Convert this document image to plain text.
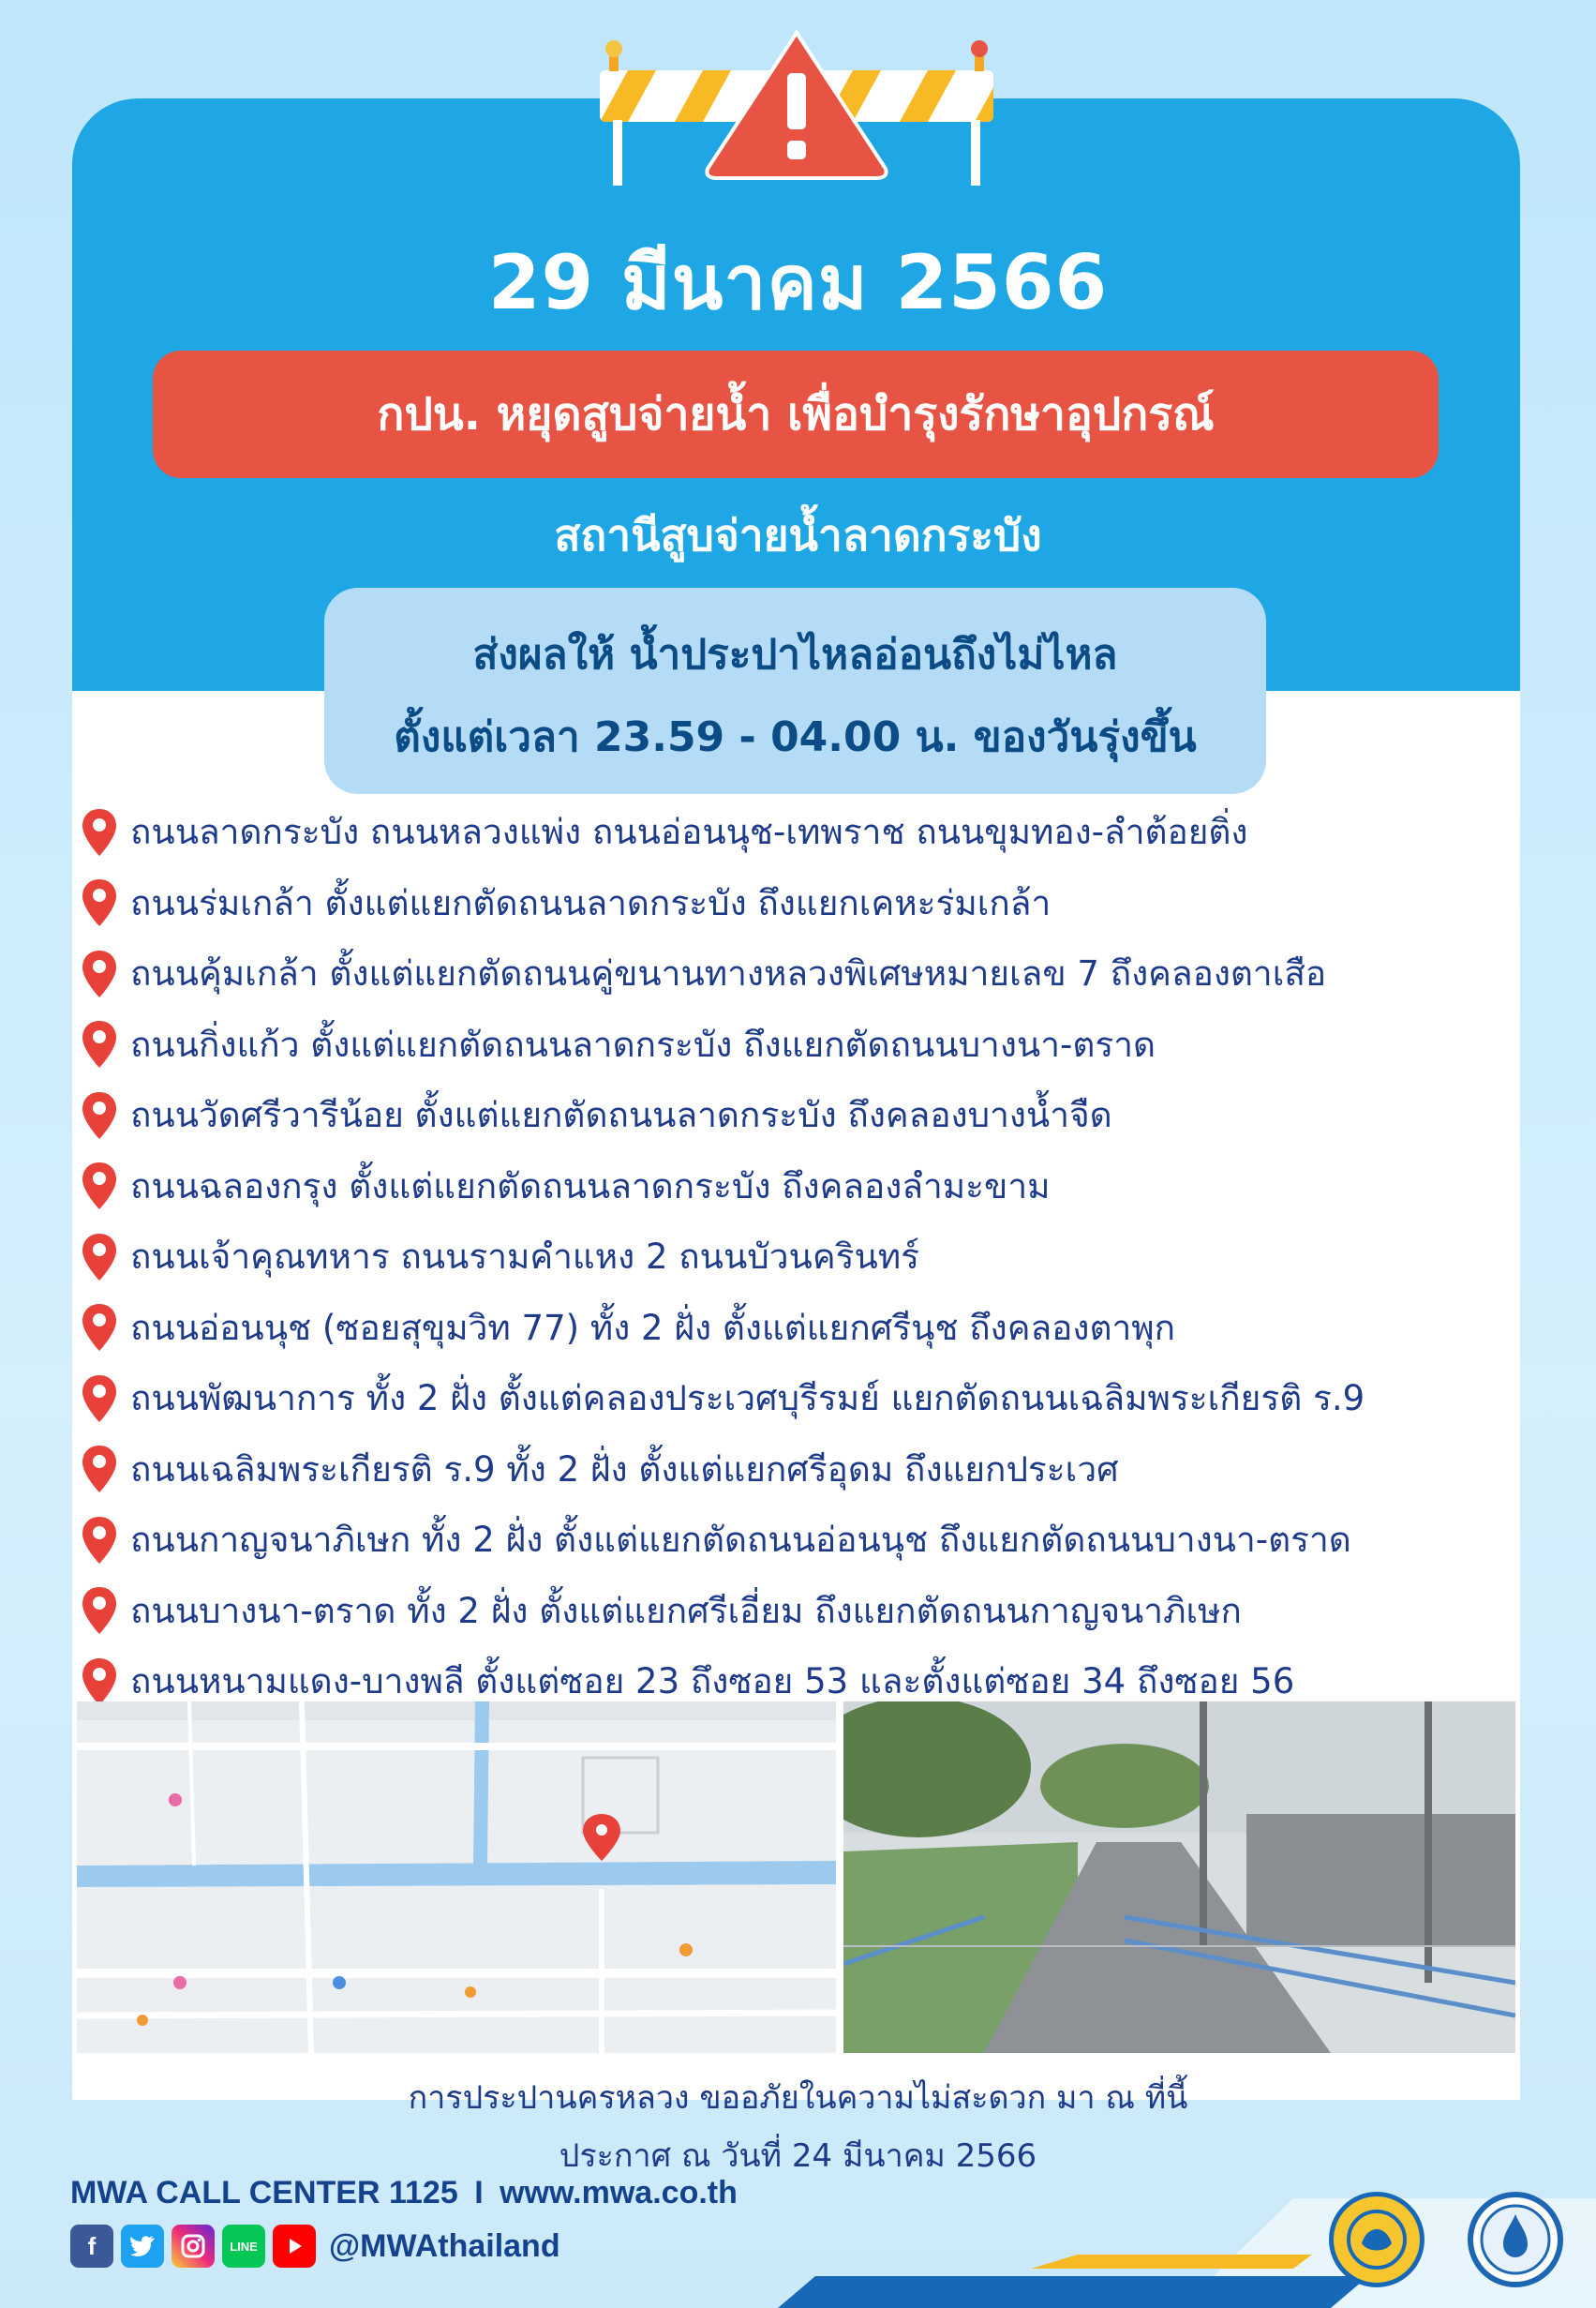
29 มีนาคม 2566
กปน. หยุดสูบจ่ายน้ำ เพื่อบำรุงรักษาอุปกรณ์
สถานีสูบจ่ายน้ำลาดกระบัง
ส่งผลให้ น้ำประปาไหลอ่อนถึงไม่ไหล
ตั้งแต่เวลา 23.59 - 04.00 น. ของวันรุ่งขึ้น
ถนนลาดกระบัง ถนนหลวงแพ่ง ถนนอ่อนนุช-เทพราช ถนนขุมทอง-ลำต้อยติ่ง
ถนนร่มเกล้า ตั้งแต่แยกตัดถนนลาดกระบัง ถึงแยกเคหะร่มเกล้า
ถนนคุ้มเกล้า ตั้งแต่แยกตัดถนนคู่ขนานทางหลวงพิเศษหมายเลข 7 ถึงคลองตาเสือ
ถนนกิ่งแก้ว ตั้งแต่แยกตัดถนนลาดกระบัง ถึงแยกตัดถนนบางนา-ตราด
ถนนวัดศรีวารีน้อย ตั้งแต่แยกตัดถนนลาดกระบัง ถึงคลองบางน้ำจืด
ถนนฉลองกรุง ตั้งแต่แยกตัดถนนลาดกระบัง ถึงคลองลำมะขาม
ถนนเจ้าคุณทหาร ถนนรามคำแหง 2 ถนนบัวนครินทร์
ถนนอ่อนนุช (ซอยสุขุมวิท 77) ทั้ง 2 ฝั่ง ตั้งแต่แยกศรีนุช ถึงคลองตาพุก
ถนนพัฒนาการ ทั้ง 2 ฝั่ง ตั้งแต่คลองประเวศบุรีรมย์ แยกตัดถนนเฉลิมพระเกียรติ ร.9
ถนนเฉลิมพระเกียรติ ร.9 ทั้ง 2 ฝั่ง ตั้งแต่แยกศรีอุดม ถึงแยกประเวศ
ถนนกาญจนาภิเษก ทั้ง 2 ฝั่ง ตั้งแต่แยกตัดถนนอ่อนนุช ถึงแยกตัดถนนบางนา-ตราด
ถนนบางนา-ตราด ทั้ง 2 ฝั่ง ตั้งแต่แยกศรีเอี่ยม ถึงแยกตัดถนนกาญจนาภิเษก
ถนนหนามแดง-บางพลี ตั้งแต่ซอย 23 ถึงซอย 53 และตั้งแต่ซอย 34 ถึงซอย 56
การประปานครหลวง ขออภัยในความไม่สะดวก มา ณ ที่นี้
ประกาศ ณ วันที่ 24 มีนาคม 2566
MWA CALL CENTER 1125 I www.mwa.co.th
f	LINE @MWAthailand
